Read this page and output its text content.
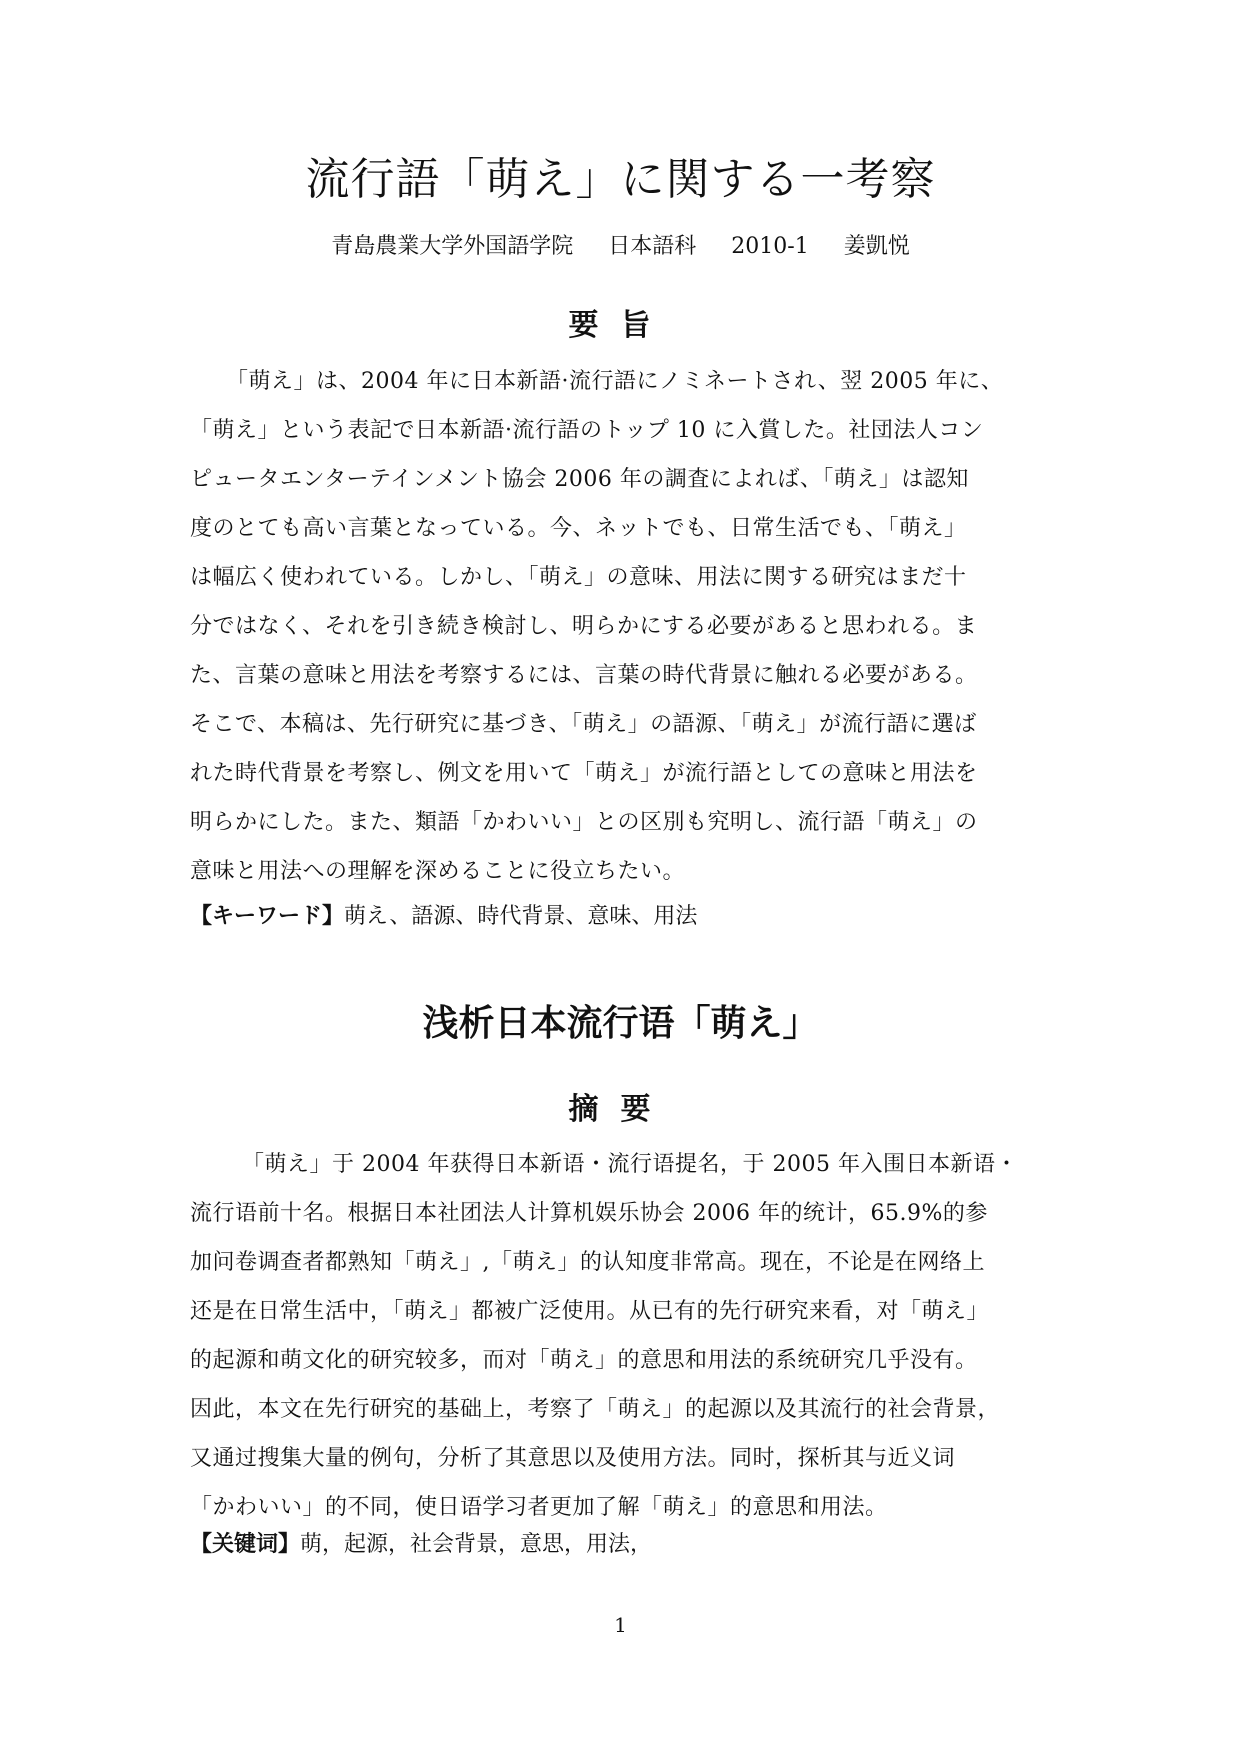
流行語「萌え」に関する一考察
青島農業大学外国語学院 日本語科 2010-1 姜凱悦
要旨
「萌え」は、2004 年に日本新語·流行語にノミネートされ、翌 2005 年に、
「萌え」という表記で日本新語·流行語のトップ 10 に入賞した。社団法人コン
ピュータエンターテインメント協会 2006 年の調査によれば、「萌え」は認知
度のとても高い言葉となっている。今、ネットでも、日常生活でも、「萌え」
は幅広く使われている。しかし、「萌え」の意味、用法に関する研究はまだ十
分ではなく、それを引き続き検討し、明らかにする必要があると思われる。ま
た、言葉の意味と用法を考察するには、言葉の時代背景に触れる必要がある。
そこで、本稿は、先行研究に基づき、「萌え」の語源、「萌え」が流行語に選ば
れた時代背景を考察し、例文を用いて「萌え」が流行語としての意味と用法を
明らかにした。また、類語「かわいい」との区別も究明し、流行語「萌え」の
意味と用法への理解を深めることに役立ちたい。
【キーワード】萌え、語源、時代背景、意味、用法
浅析日本流行语「萌え」
摘要
「萌え」于 2004 年获得日本新语・流行语提名，于 2005 年入围日本新语・
流行语前十名。根据日本社团法人计算机娱乐协会 2006 年的统计，65.9%的参
加问卷调查者都熟知「萌え」,「萌え」的认知度非常高。现在，不论是在网络上
还是在日常生活中，「萌え」都被广泛使用。从已有的先行研究来看，对「萌え」
的起源和萌文化的研究较多，而对「萌え」的意思和用法的系统研究几乎没有。
因此，本文在先行研究的基础上，考察了「萌え」的起源以及其流行的社会背景，
又通过搜集大量的例句，分析了其意思以及使用方法。同时，探析其与近义词
「かわいい」的不同，使日语学习者更加了解「萌え」的意思和用法。
【关键词】萌，起源，社会背景，意思，用法，
1
